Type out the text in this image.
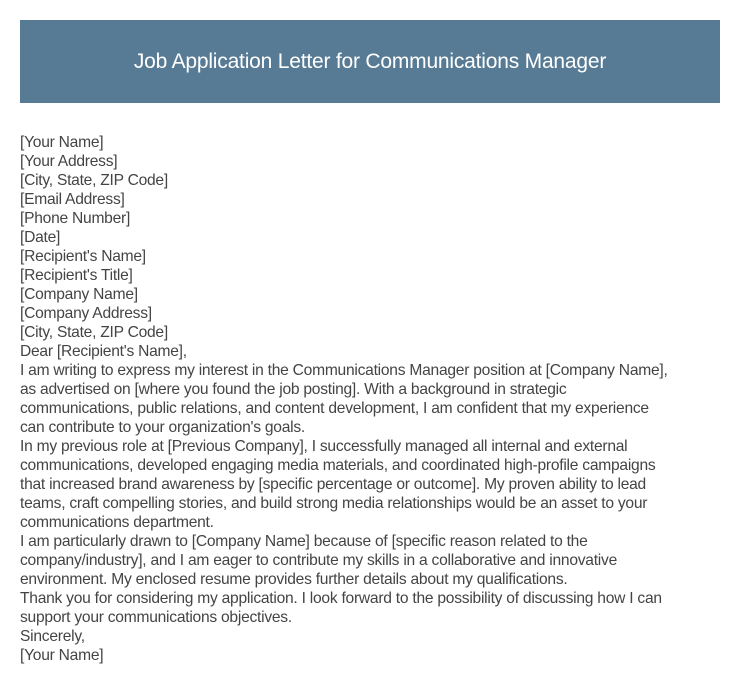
Job Application Letter for Communications Manager
[Your Name]
[Your Address]
[City, State, ZIP Code]
[Email Address]
[Phone Number]
[Date]
[Recipient's Name]
[Recipient's Title]
[Company Name]
[Company Address]
[City, State, ZIP Code]
Dear [Recipient's Name],
I am writing to express my interest in the Communications Manager position at [Company Name],
as advertised on [where you found the job posting]. With a background in strategic
communications, public relations, and content development, I am confident that my experience
can contribute to your organization's goals.
In my previous role at [Previous Company], I successfully managed all internal and external
communications, developed engaging media materials, and coordinated high-profile campaigns
that increased brand awareness by [specific percentage or outcome]. My proven ability to lead
teams, craft compelling stories, and build strong media relationships would be an asset to your
communications department.
I am particularly drawn to [Company Name] because of [specific reason related to the
company/industry], and I am eager to contribute my skills in a collaborative and innovative
environment. My enclosed resume provides further details about my qualifications.
Thank you for considering my application. I look forward to the possibility of discussing how I can
support your communications objectives.
Sincerely,
[Your Name]
